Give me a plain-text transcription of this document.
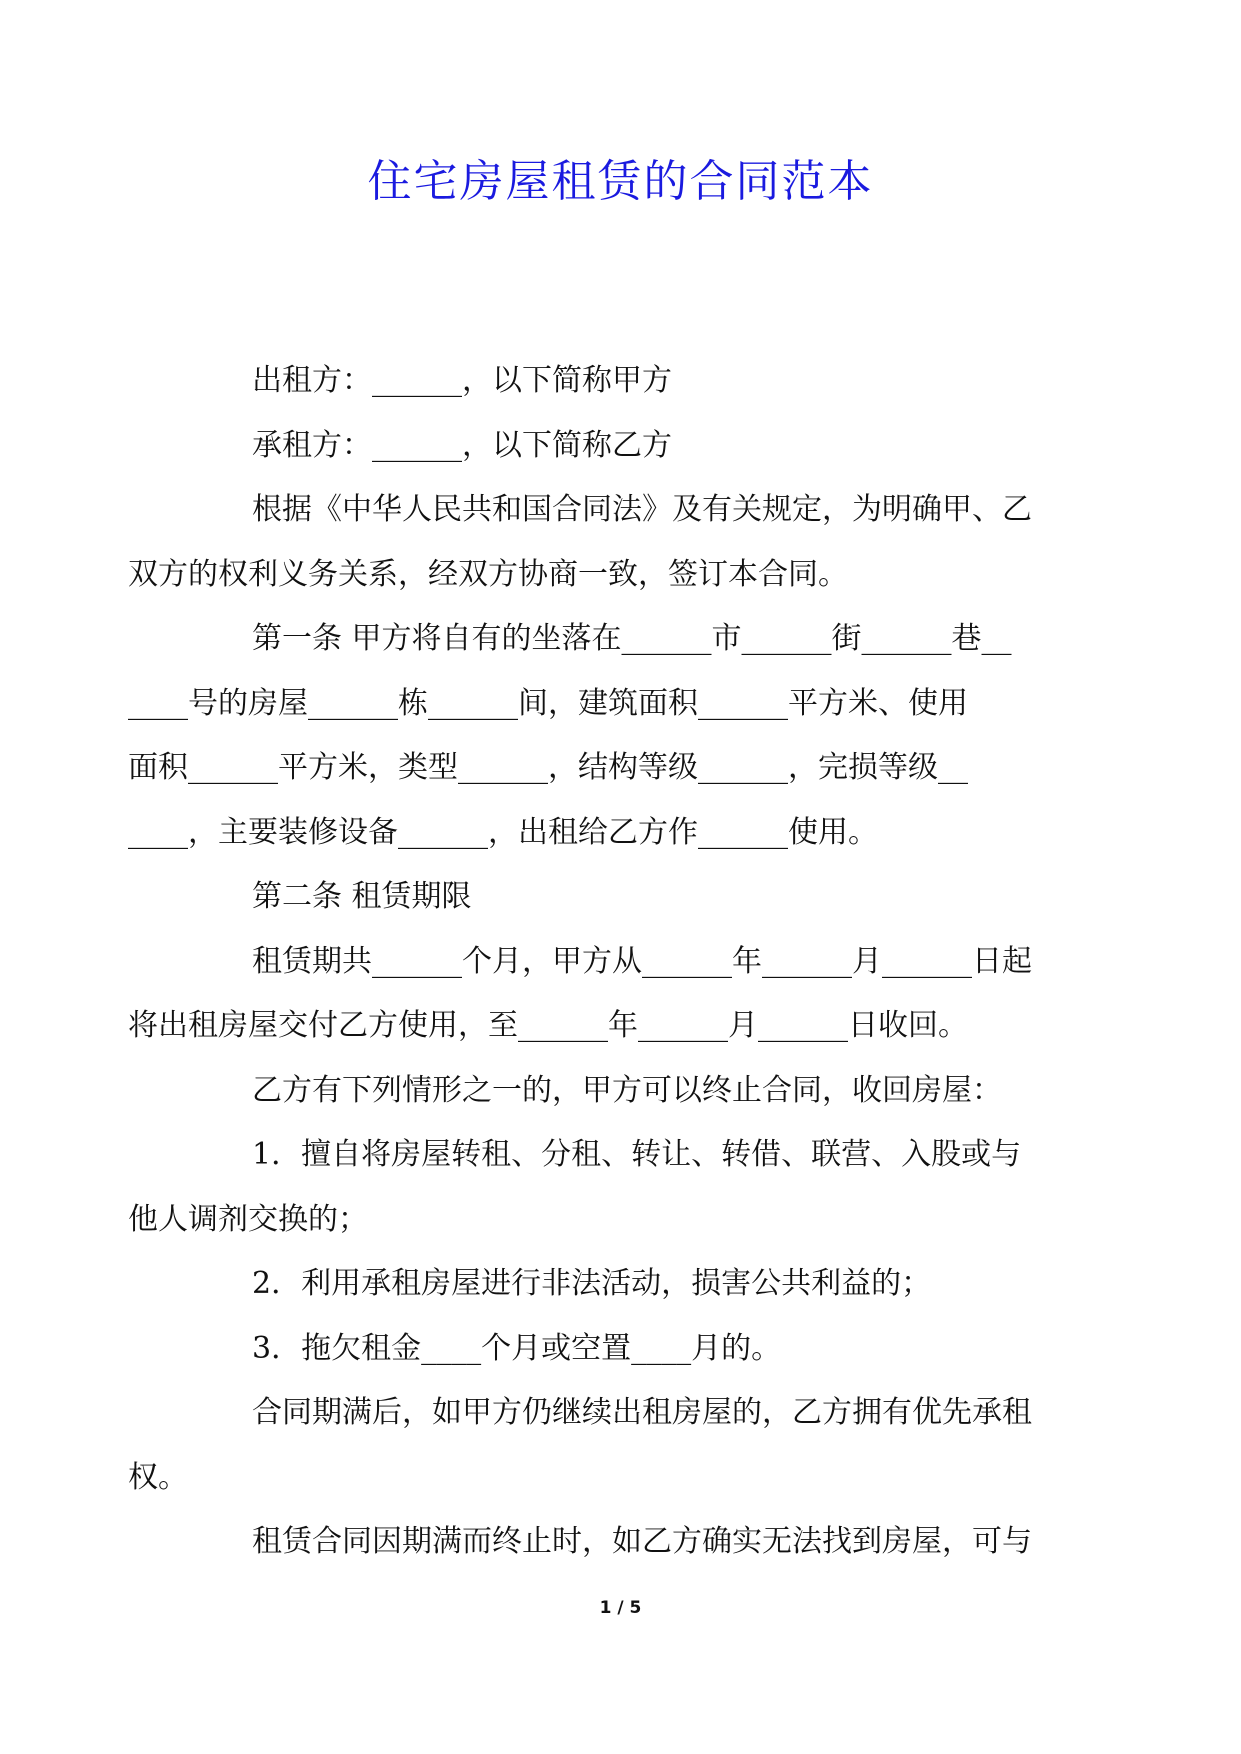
住宅房屋租赁的合同范本
出租方：______，以下简称甲方
承租方：______，以下简称乙方
根据《中华人民共和国合同法》及有关规定，为明确甲、乙
双方的权利义务关系，经双方协商一致，签订本合同。
第一条 甲方将自有的坐落在______市______街______巷__
____号的房屋______栋______间，建筑面积______平方米、使用
面积______平方米，类型______，结构等级______，完损等级__
____，主要装修设备______，出租给乙方作______使用。
第二条 租赁期限
租赁期共______个月，甲方从______年______月______日起
将出租房屋交付乙方使用，至______年______月______日收回。
乙方有下列情形之一的，甲方可以终止合同，收回房屋：
1．擅自将房屋转租、分租、转让、转借、联营、入股或与
他人调剂交换的；
2．利用承租房屋进行非法活动，损害公共利益的；
3．拖欠租金____个月或空置____月的。
合同期满后，如甲方仍继续出租房屋的，乙方拥有优先承租
权。
租赁合同因期满而终止时，如乙方确实无法找到房屋，可与
1 / 5
